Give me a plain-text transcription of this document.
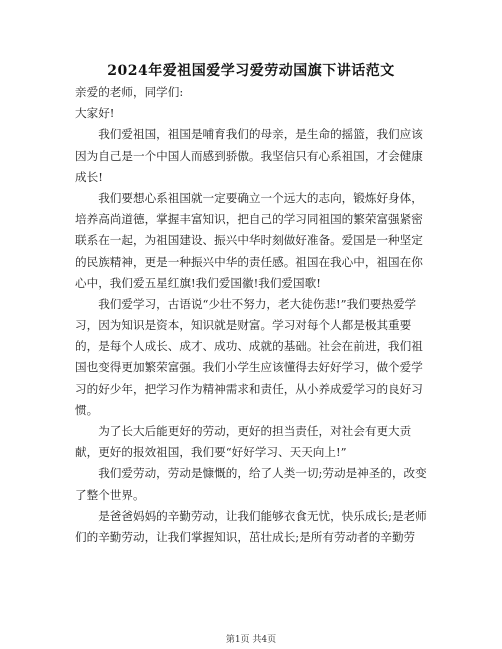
2024年爱祖国爱学习爱劳动国旗下讲话范文
亲爱的老师，同学们:
大家好!
　　我们爱祖国，祖国是哺育我们的母亲，是生命的摇篮，我们应该
因为自己是一个中国人而感到骄傲。我坚信只有心系祖国，才会健康
成长!
　　我们要想心系祖国就一定要确立一个远大的志向，锻炼好身体，
培养高尚道德，掌握丰富知识，把自己的学习同祖国的繁荣富强紧密
联系在一起，为祖国建设、振兴中华时刻做好准备。爱国是一种坚定
的民族精神，更是一种振兴中华的责任感。祖国在我心中，祖国在你
心中，我们爱五星红旗!我们爱国徽!我们爱国歌!
　　我们爱学习，古语说“少壮不努力，老大徒伤悲!”我们要热爱学
习，因为知识是资本，知识就是财富。学习对每个人都是极其重要
的，是每个人成长、成才、成功、成就的基础。社会在前进，我们祖
国也变得更加繁荣富强。我们小学生应该懂得去好好学习，做个爱学
习的好少年，把学习作为精神需求和责任，从小养成爱学习的良好习
惯。
　　为了长大后能更好的劳动，更好的担当责任，对社会有更大贡
献，更好的报效祖国，我们要“好好学习、天天向上!”
　　我们爱劳动，劳动是慷慨的，给了人类一切;劳动是神圣的，改变
了整个世界。
　　是爸爸妈妈的辛勤劳动，让我们能够衣食无忧，快乐成长;是老师
们的辛勤劳动，让我们掌握知识，茁壮成长;是所有劳动者的辛勤劳
第1页 共4页
